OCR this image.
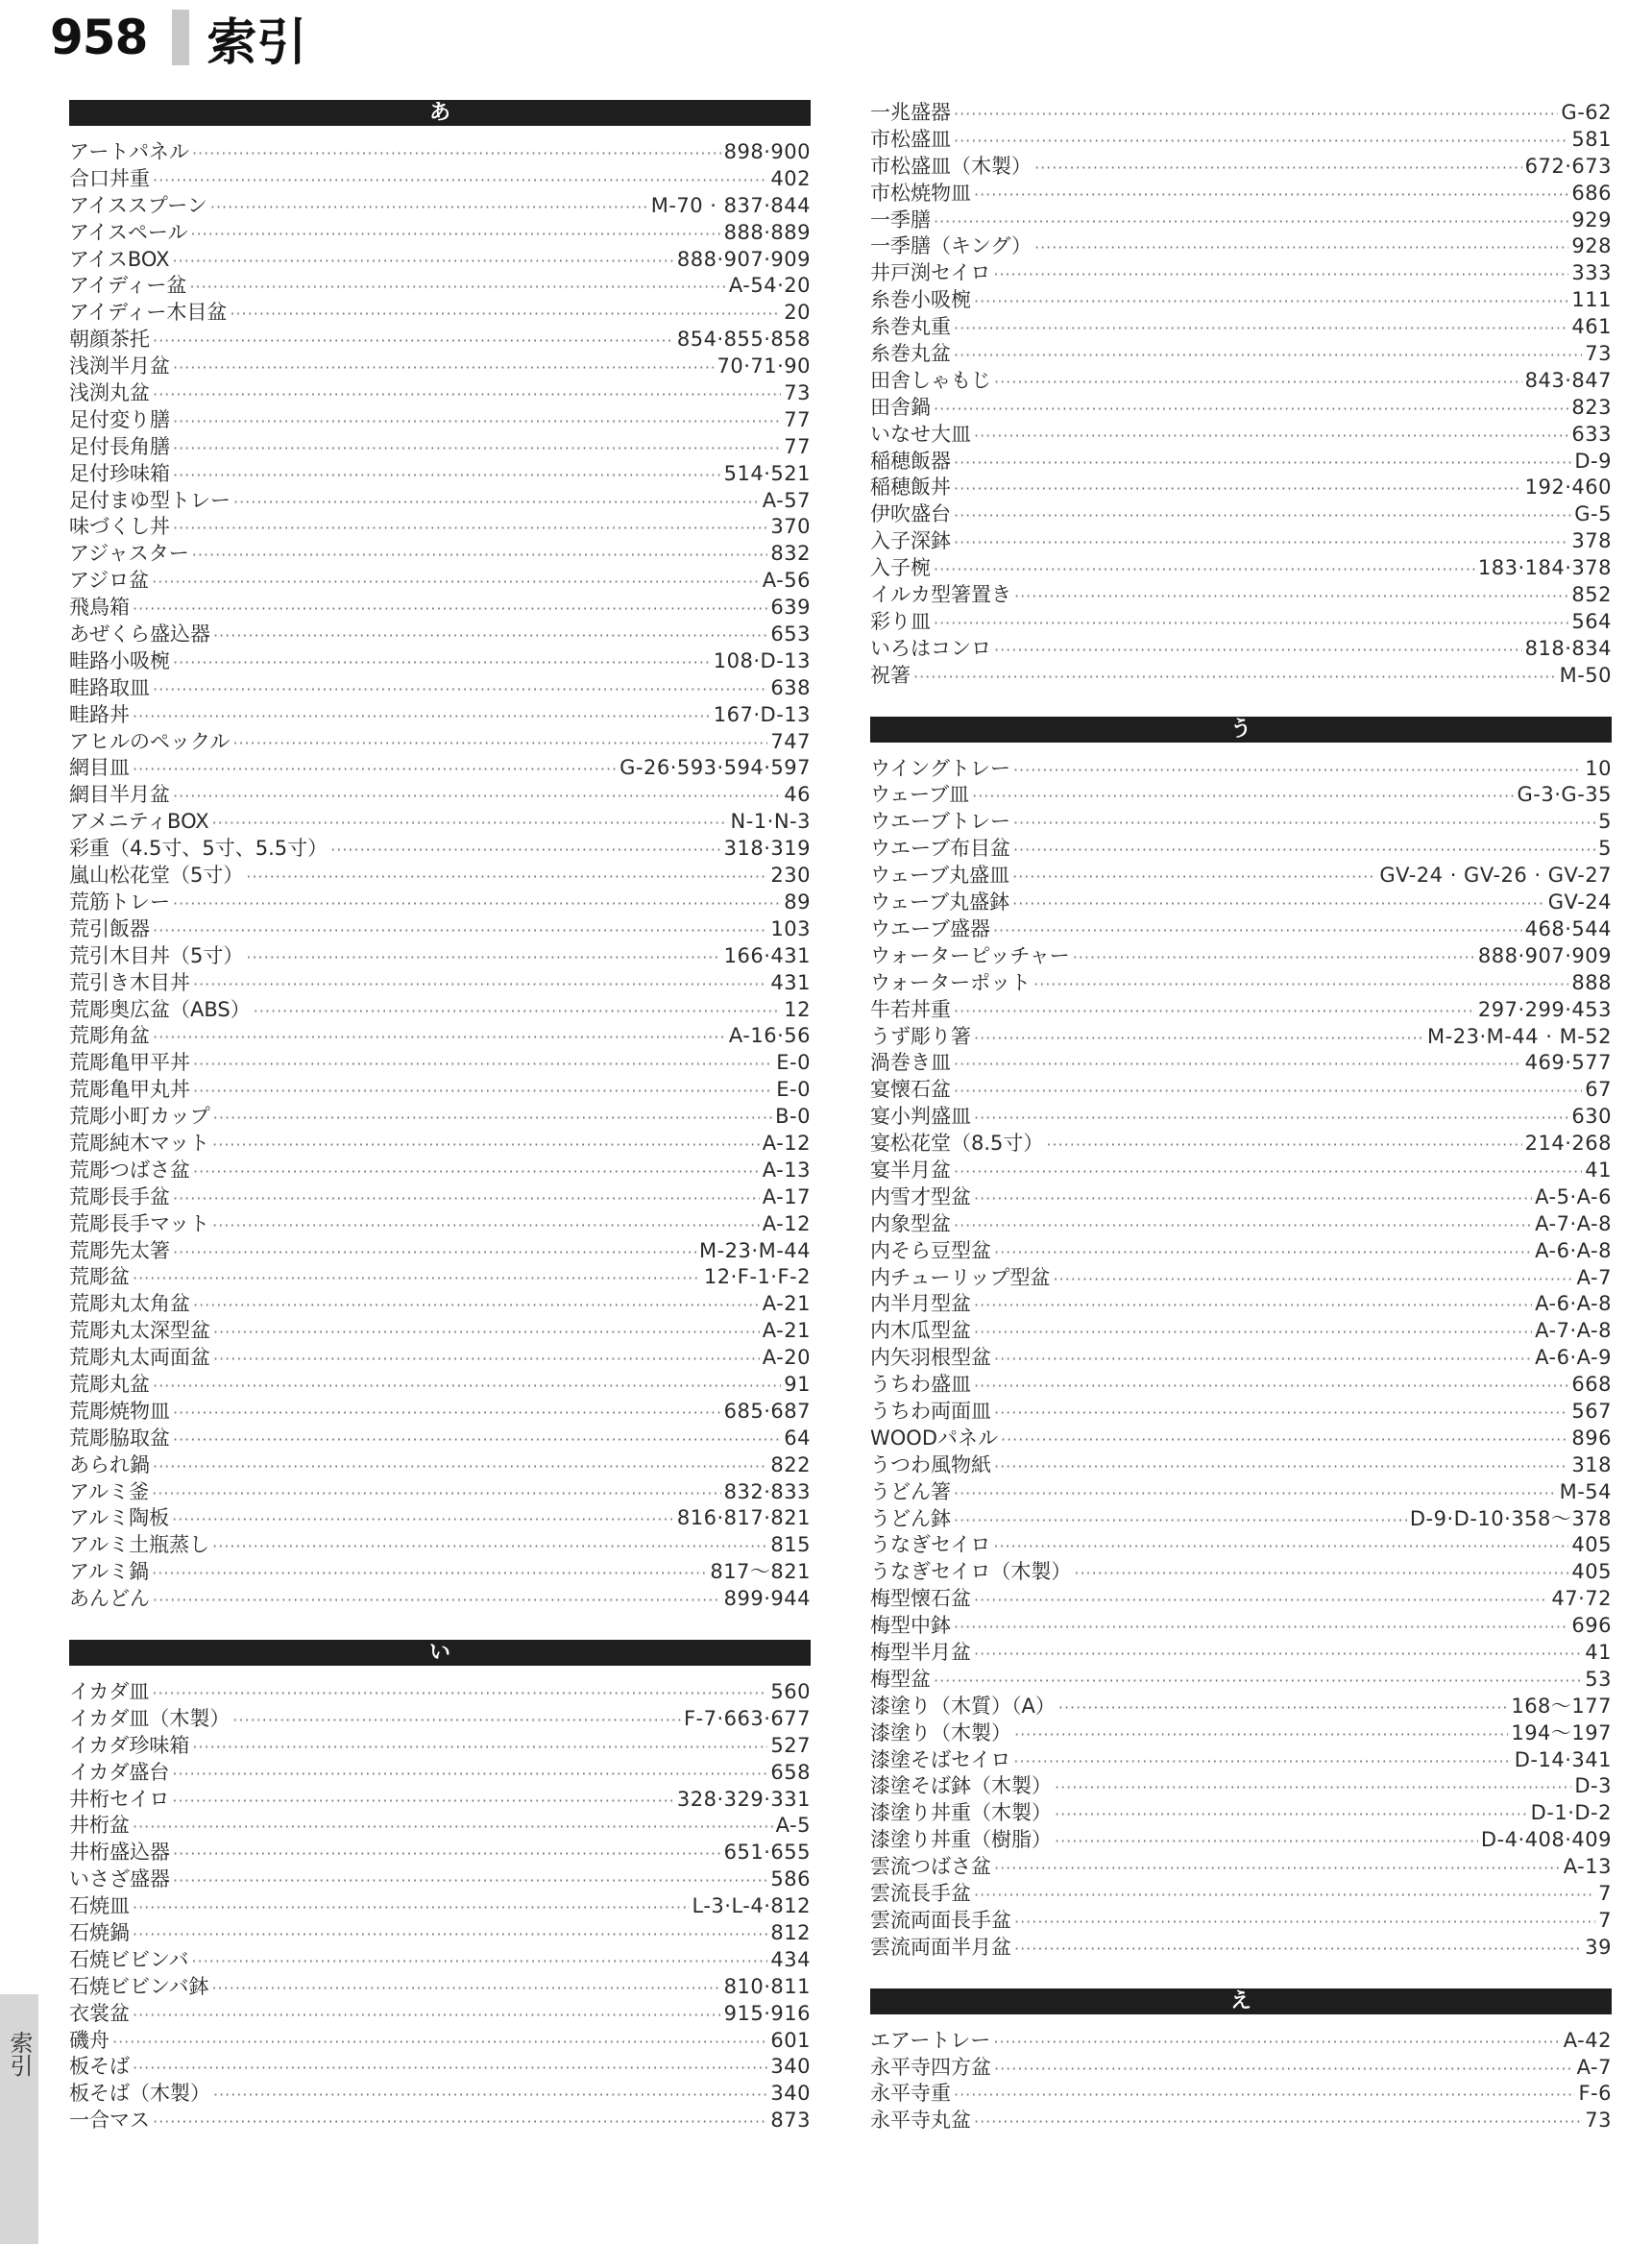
958 索引
あ
アートパネル ·····	898·900
合口丼重 ·····	402
アイススプーン ·····	M-70 · 837·844
アイスペール ·····	888·889
アイスBOX ·····	888·907·909
アイディー盆 ·····	A-54·20
アイディー木目盆 ·····	20
朝顔茶托 ·····	854·855·858
浅渕半月盆 ·····	70·71·90
浅渕丸盆 ·····	73
足付変り膳 ·····	77
足付長角膳 ·····	77
足付珍味箱 ·····	514·521
足付まゆ型トレー ·····	A-57
味づくし丼 ·····	370
アジャスター ·····	832
アジロ盆 ·····	A-56
飛鳥箱 ·····	639
あぜくら盛込器 ·····	653
畦路小吸椀 ·····	108·D-13
畦路取皿 ·····	638
畦路丼 ·····	167·D-13
アヒルのペックル ·····	747
網目皿 ·····	G-26·593·594·597
網目半月盆 ·····	46
アメニティBOX ·····	N-1·N-3
彩重（4.5寸、5寸、5.5寸） ·····	318·319
嵐山松花堂（5寸） ·····	230
荒筋トレー ·····	89
荒引飯器 ·····	103
荒引木目丼（5寸） ·····	166·431
荒引き木目丼 ·····	431
荒彫奥広盆（ABS） ·····	12
荒彫角盆 ·····	A-16·56
荒彫亀甲平丼 ·····	E-0
荒彫亀甲丸丼 ·····	E-0
荒彫小町カップ ·····	B-0
荒彫純木マット ·····	A-12
荒彫つばさ盆 ·····	A-13
荒彫長手盆 ·····	A-17
荒彫長手マット ·····	A-12
荒彫先太箸 ·····	M-23·M-44
荒彫盆 ·····	12·F-1·F-2
荒彫丸太角盆 ·····	A-21
荒彫丸太深型盆 ·····	A-21
荒彫丸太両面盆 ·····	A-20
荒彫丸盆 ·····	91
荒彫焼物皿 ·····	685·687
荒彫脇取盆 ·····	64
あられ鍋 ·····	822
アルミ釜 ·····	832·833
アルミ陶板 ·····	816·817·821
アルミ土瓶蒸し ·····	815
アルミ鍋 ·····	817～821
あんどん ·····	899·944
い
イカダ皿 ·····	560
イカダ皿（木製） ·····	F-7·663·677
イカダ珍味箱 ·····	527
イカダ盛台 ·····	658
井桁セイロ ·····	328·329·331
井桁盆 ·····	A-5
井桁盛込器 ·····	651·655
いさざ盛器 ·····	586
石焼皿 ·····	L-3·L-4·812
石焼鍋 ·····	812
石焼ビビンバ ·····	434
石焼ビビンバ鉢 ·····	810·811
衣裳盆 ·····	915·916
磯舟 ·····	601
板そば ·····	340
板そば（木製） ·····	340
一合マス ·····	873
一兆盛器 ·····	G-62
市松盛皿 ·····	581
市松盛皿（木製） ·····	672·673
市松焼物皿 ·····	686
一季膳 ·····	929
一季膳（キング） ·····	928
井戸渕セイロ ·····	333
糸巻小吸椀 ·····	111
糸巻丸重 ·····	461
糸巻丸盆 ·····	73
田舎しゃもじ ·····	843·847
田舎鍋 ·····	823
いなせ大皿 ·····	633
稲穂飯器 ·····	D-9
稲穂飯丼 ·····	192·460
伊吹盛台 ·····	G-5
入子深鉢 ·····	378
入子椀 ·····	183·184·378
イルカ型箸置き ·····	852
彩り皿 ·····	564
いろはコンロ ·····	818·834
祝箸 ·····	M-50
う
ウイングトレー ·····	10
ウェーブ皿 ·····	G-3·G-35
ウエーブトレー ·····	5
ウエーブ布目盆 ·····	5
ウェーブ丸盛皿 ·····	GV-24 · GV-26 · GV-27
ウェーブ丸盛鉢 ·····	GV-24
ウエーブ盛器 ·····	468·544
ウォーターピッチャー ·····	888·907·909
ウォーターポット ·····	888
牛若丼重 ·····	297·299·453
うず彫り箸 ·····	M-23·M-44 · M-52
渦巻き皿 ·····	469·577
宴懐石盆 ·····	67
宴小判盛皿 ·····	630
宴松花堂（8.5寸） ·····	214·268
宴半月盆 ·····	41
内雪才型盆 ·····	A-5·A-6
内象型盆 ·····	A-7·A-8
内そら豆型盆 ·····	A-6·A-8
内チューリップ型盆 ·····	A-7
内半月型盆 ·····	A-6·A-8
内木瓜型盆 ·····	A-7·A-8
内矢羽根型盆 ·····	A-6·A-9
うちわ盛皿 ·····	668
うちわ両面皿 ·····	567
WOODパネル ·····	896
うつわ風物紙 ·····	318
うどん箸 ·····	M-54
うどん鉢 ·····	D-9·D-10·358～378
うなぎセイロ ·····	405
うなぎセイロ（木製） ·····	405
梅型懐石盆 ·····	47·72
梅型中鉢 ·····	696
梅型半月盆 ·····	41
梅型盆 ·····	53
漆塗り（木質）（A） ·····	168～177
漆塗り（木製） ·····	194～197
漆塗そばセイロ ·····	D-14·341
漆塗そば鉢（木製） ·····	D-3
漆塗り丼重（木製） ·····	D-1·D-2
漆塗り丼重（樹脂） ·····	D-4·408·409
雲流つばさ盆 ·····	A-13
雲流長手盆 ·····	7
雲流両面長手盆 ·····	7
雲流両面半月盆 ·····	39
え
エアートレー ·····	A-42
永平寺四方盆 ·····	A-7
永平寺重 ·····	F-6
永平寺丸盆 ·····	73
索引
